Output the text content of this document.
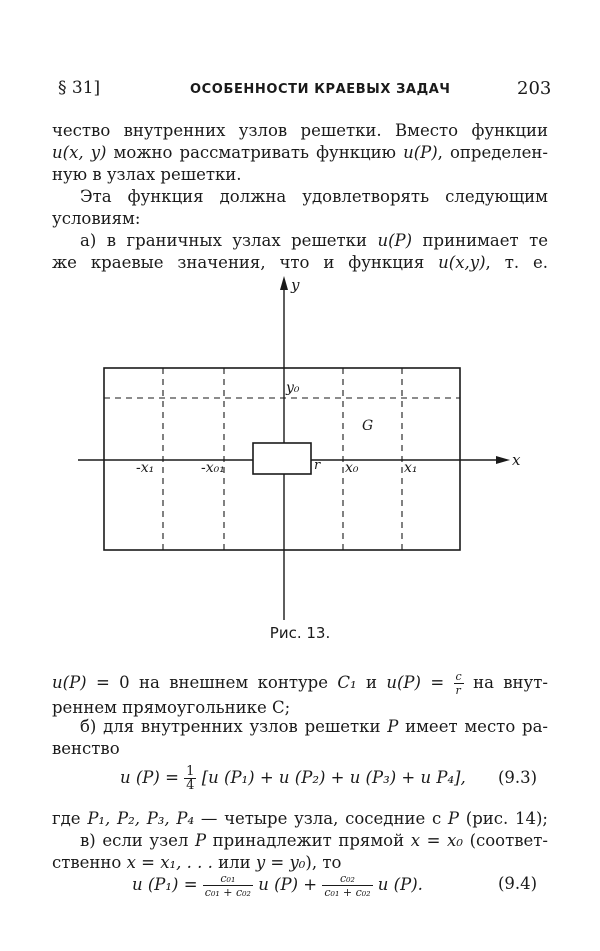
§ 31]	ОСОБЕННОСТИ КРАЕВЫХ ЗАДАЧ	203
чество внутренних узлов решетки. Вместо функции
u(x, y) можно рассматривать функцию u(P), определен-
ную в узлах решетки.
Эта функция должна удовлетворять следующим
условиям:
а) в граничных узлах решетки u(P) принимает те
же краевые значения, что и функция u(x,y), т. е.
y
x
y₀
G
r
-x₁	-x₀₁	x₀	x₁
Рис. 13.
u(P) = 0 на внешнем контуре C₁ и $u(P) = \frac{c}{r}$ на внут-
реннем прямоугольнике C;
б) для внутренних узлов решетки P имеет место ра-
венство
u $(P) = \frac{1}{4} [u$ (P₁) + u (P₂) + u (P₃) + u P₄], (9.3)
где P₁, P₂, P₃, P₄ — четыре узла, соседние с P (рис. 14);
в) если узел P принадлежит прямой x = x₀ (соответ-
ственно x = x₁, . . . или y = y₀), то
u $(P_1) = \frac{\text{c₀₁}}{\text{c₀₁ + c₀₂}}$ u $(P) + \frac{\text{c₀₂}}{\text{c₀₁ + c₀₂}}$ u (P).	(9.4)
